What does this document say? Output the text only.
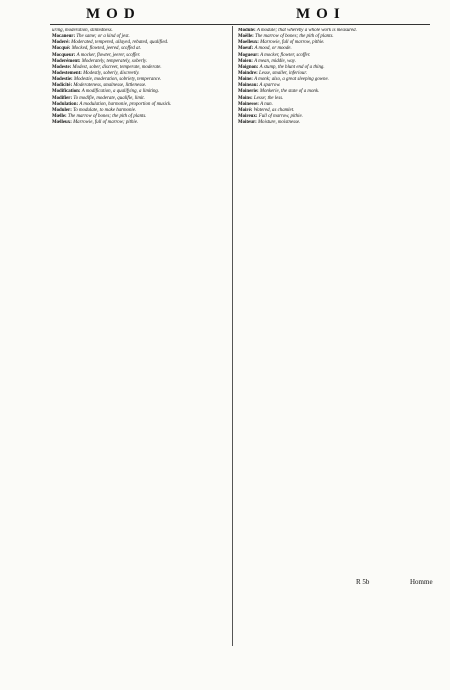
MOD	MOI

uring, moderation, stintedness.

Mocaneur: The same; or a kind of jest.

Moderé: Moderated, tempered, allayed, rebated, qualified.

Mocqué: Mocked, flowted, jeered, scoffed at.

Mocqueur: A mocker, flowter, jeerer, scoffer.

Moderément: Moderately, temperately, soberly.

Modeste: Modest, sober, discreet, temperate, moderate.

Modestement: Modestly, soberly, discreetly.

Modestie: Modestie, moderation, sobriety, temperance.

Modicité: Moderateness, smalnesse, littlenesse.

Modification: A modification, a qualifying, a limiting.

Modifier: To modifie, moderate, qualifie, limit.

Modulation: A modulation, harmonie, proportion of musick.

Moduler: To modulate, to make harmonie.

Mœlle: The marrow of bones; the pith of plants.

Mœlleux: Marrowie, full of marrow; pithie.

Module: A module; that whereby a whole work is measured.

Moëlle: The marrow of bones; the pith of plants.

Moelleux: Marrowie, full of marrow, pithie.

Moeuf: A mood, or moode.

Mogueur: A mocker, flowter, scoffer.

Moien: A mean, middle, way.

Moignon: A stump, the blunt end of a thing.

Moindre: Lesse, smaller, inferiour.

Moine: A monk; also, a great sleeping gowne.

Moineau: A sparrow.

Moinerie: Monkerie, the state of a monk.

Moins: Lesse; the less.

Moinesse: A nun.

Moiré: Watered, as chamlet.

Moireux: Full of marrow, pithie.

Moiteur: Moisture, moistnesse.

R 5b	Homme
